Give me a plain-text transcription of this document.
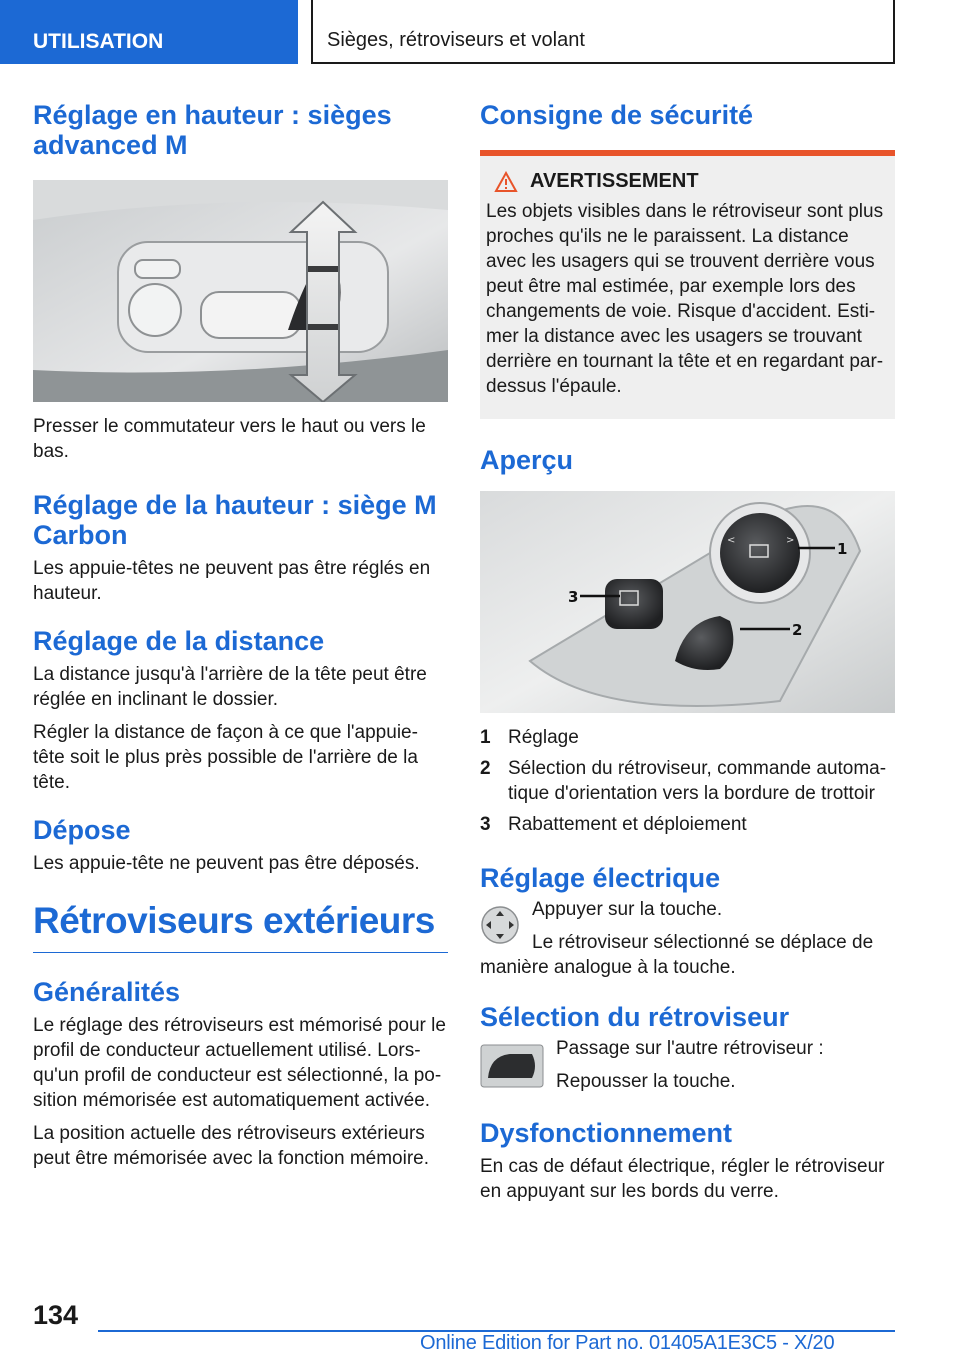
UTILISATION	Sièges, rétroviseurs et volant
Réglage en hauteur : sièges advanced M

Presser le commutateur vers le haut ou vers le bas.

Réglage de la hauteur : siège M Carbon

Les appuie-têtes ne peuvent pas être réglés en hauteur.

Réglage de la distance

La distance jusqu'à l'arrière de la tête peut être réglée en inclinant le dossier.

Régler la distance de façon à ce que l'appuie-tête soit le plus près possible de l'arrière de la tête.

Dépose

Les appuie-tête ne peuvent pas être déposés.

Rétroviseurs extérieurs
Généralités

Le réglage des rétroviseurs est mémorisé pour le profil de conducteur actuellement utilisé. Lors-qu'un profil de conducteur est sélectionné, la po-sition mémorisée est automatiquement activée.

La position actuelle des rétroviseurs extérieurs peut être mémorisée avec la fonction mémoire.

Consigne de sécurité
AVERTISSEMENT

Les objets visibles dans le rétroviseur sont plus proches qu'ils ne le paraissent. La distance avec les usagers qui se trouvent derrière vous peut être mal estimée, par exemple lors des changements de voie. Risque d'accident. Esti-mer la distance avec les usagers se trouvant derrière en tournant la tête et en regardant par-dessus l'épaule.

Aperçu
<	>	1
2
3
1 Réglage
2 Sélection du rétroviseur, commande automa-tique d'orientation vers la bordure de trottoir
3 Rabattement et déploiement
Réglage électrique

Appuyer sur la touche.

Le rétroviseur sélectionné se déplace de manière analogue à la touche.

Sélection du rétroviseur

Passage sur l'autre rétroviseur :

Repousser la touche.

Dysfonctionnement

En cas de défaut électrique, régler le rétroviseur en appuyant sur les bords du verre.

134
Online Edition for Part no. 01405A1E3C5 - X/20
